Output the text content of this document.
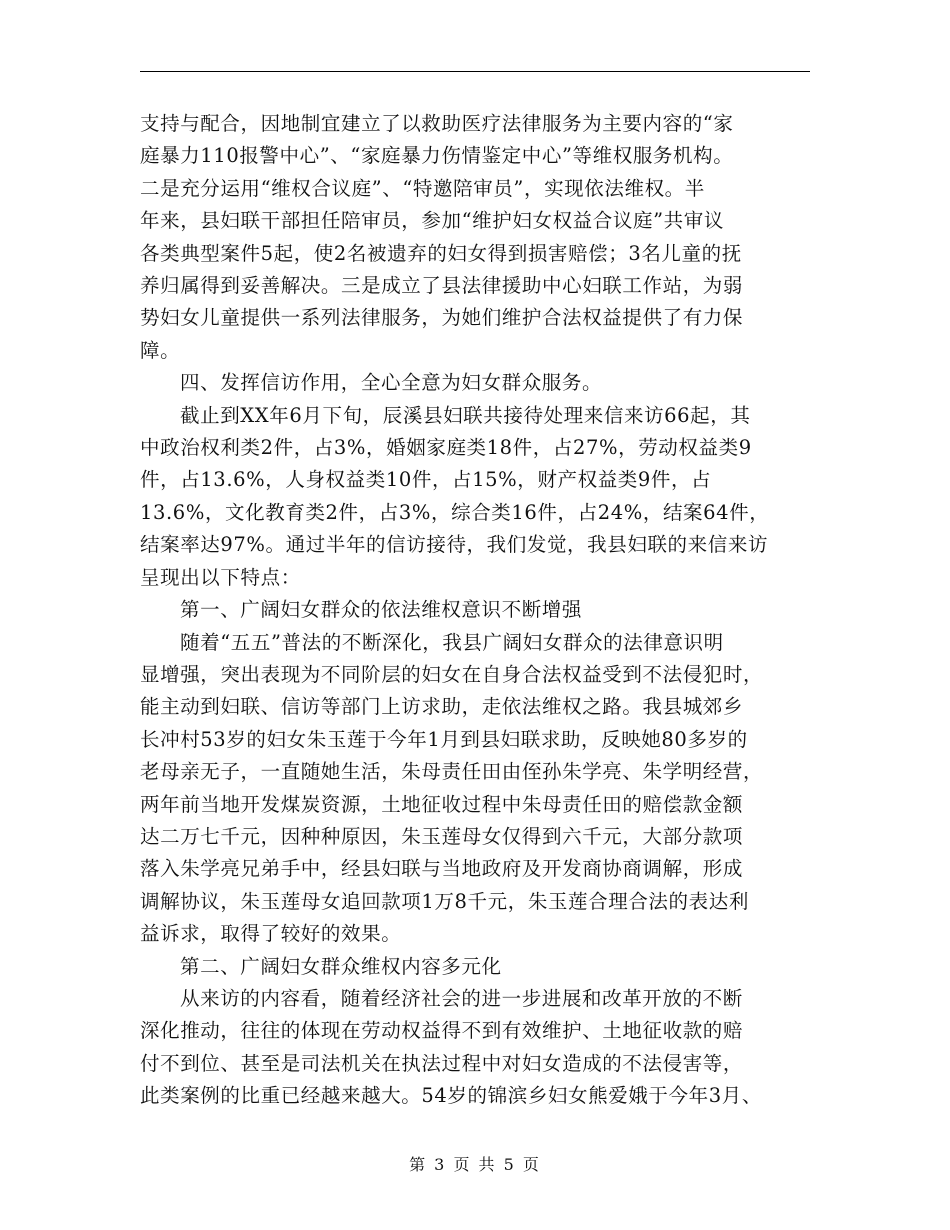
支持与配合，因地制宜建立了以救助医疗法律服务为主要内容的“家

庭暴力110报警中心”、“家庭暴力伤情鉴定中心”等维权服务机构。

二是充分运用“维权合议庭”、“特邀陪审员”，实现依法维权。半

年来，县妇联干部担任陪审员，参加“维护妇女权益合议庭”共审议

各类典型案件5起，使2名被遗弃的妇女得到损害赔偿；3名儿童的抚

养归属得到妥善解决。三是成立了县法律援助中心妇联工作站，为弱

势妇女儿童提供一系列法律服务，为她们维护合法权益提供了有力保

障。

四、发挥信访作用，全心全意为妇女群众服务。

截止到XX年6月下旬，辰溪县妇联共接待处理来信来访66起，其

中政治权利类2件，占3%，婚姻家庭类18件，占27%，劳动权益类9

件，占13.6%，人身权益类10件，占15%，财产权益类9件，占

13.6%，文化教育类2件，占3%，综合类16件，占24%，结案64件，

结案率达97%。通过半年的信访接待，我们发觉，我县妇联的来信来访

呈现出以下特点：

第一、广阔妇女群众的依法维权意识不断增强

随着“五五”普法的不断深化，我县广阔妇女群众的法律意识明

显增强，突出表现为不同阶层的妇女在自身合法权益受到不法侵犯时，

能主动到妇联、信访等部门上访求助，走依法维权之路。我县城郊乡

长冲村53岁的妇女朱玉莲于今年1月到县妇联求助，反映她80多岁的

老母亲无子，一直随她生活，朱母责任田由侄孙朱学亮、朱学明经营，

两年前当地开发煤炭资源，土地征收过程中朱母责任田的赔偿款金额

达二万七千元，因种种原因，朱玉莲母女仅得到六千元，大部分款项

落入朱学亮兄弟手中，经县妇联与当地政府及开发商协商调解，形成

调解协议，朱玉莲母女追回款项1万8千元，朱玉莲合理合法的表达利

益诉求，取得了较好的效果。

第二、广阔妇女群众维权内容多元化

从来访的内容看，随着经济社会的进一步进展和改革开放的不断

深化推动，往往的体现在劳动权益得不到有效维护、土地征收款的赔

付不到位、甚至是司法机关在执法过程中对妇女造成的不法侵害等，

此类案例的比重已经越来越大。54岁的锦滨乡妇女熊爱娥于今年3月、

第 3 页 共 5 页
